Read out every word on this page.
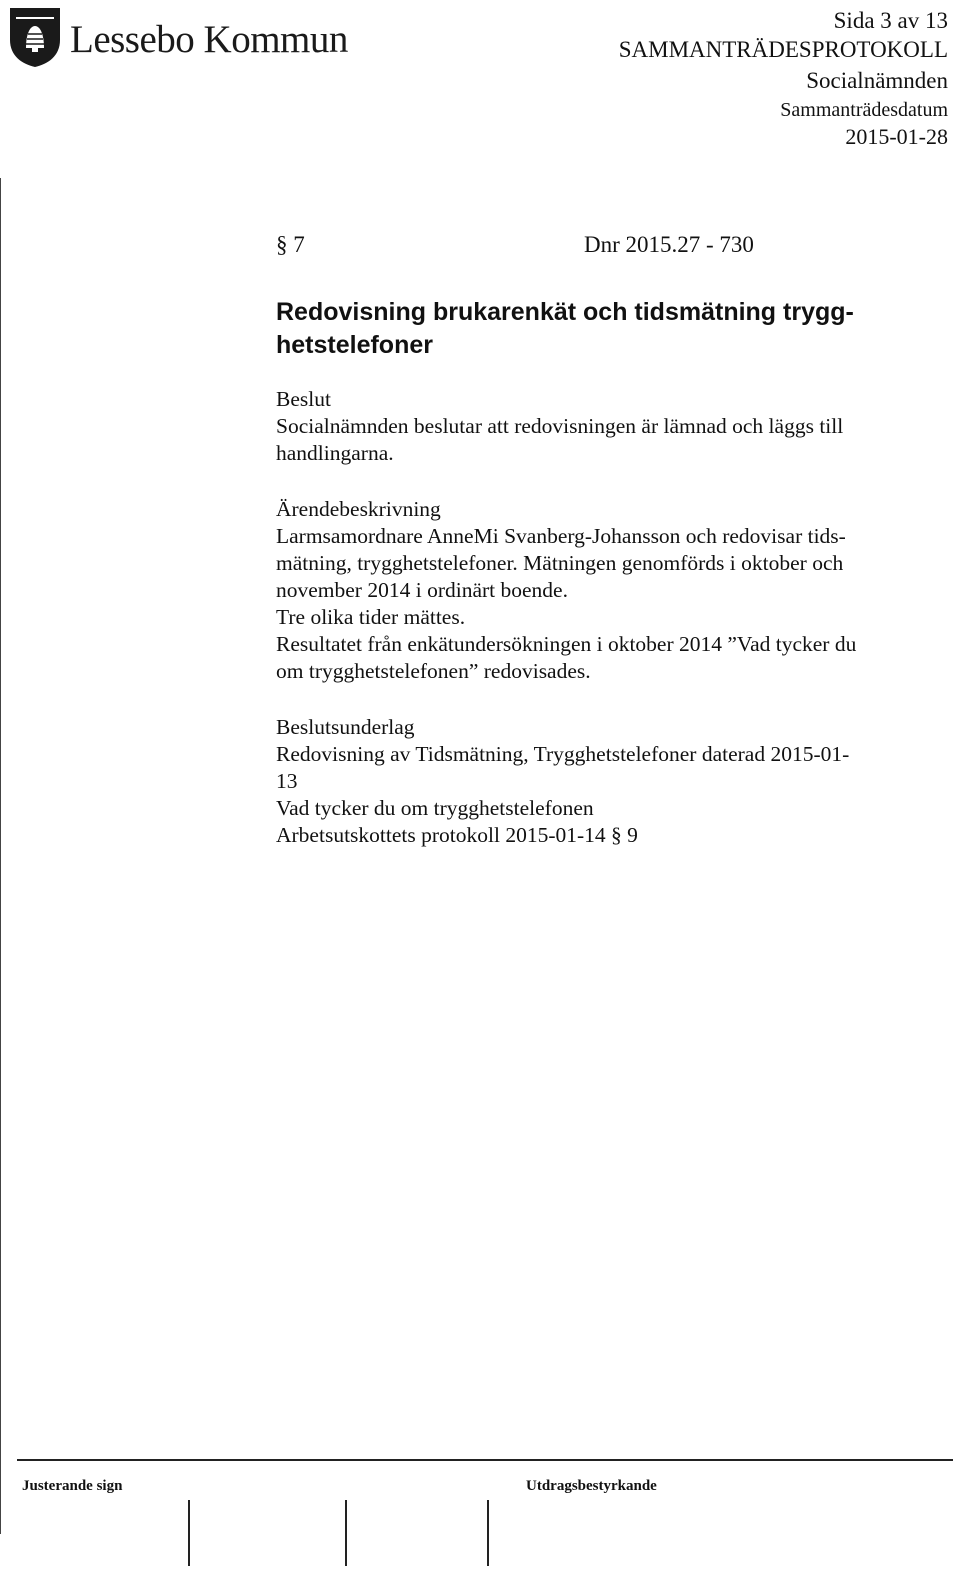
Lessebo Kommun	Sida 3 av 13
SAMMANTRÄDESPROTOKOLL
Socialnämnden
Sammanträdesdatum
2015-01-28
§ 7	Dnr 2015.27 - 730
Redovisning brukarenkät och tidsmätning trygg-
hetstelefoner
Beslut
Socialnämnden beslutar att redovisningen är lämnad och läggs till
handlingarna.
Ärendebeskrivning
Larmsamordnare AnneMi Svanberg-Johansson och redovisar tids-
mätning, trygghetstelefoner. Mätningen genomförds i oktober och
november 2014 i ordinärt boende.
Tre olika tider mättes.
Resultatet från enkätundersökningen i oktober 2014 ”Vad tycker du
om trygghetstelefonen” redovisades.
Beslutsunderlag
Redovisning av Tidsmätning, Trygghetstelefoner daterad 2015-01-
13
Vad tycker du om trygghetstelefonen
Arbetsutskottets protokoll 2015-01-14 § 9
Justerande sign	Utdragsbestyrkande
